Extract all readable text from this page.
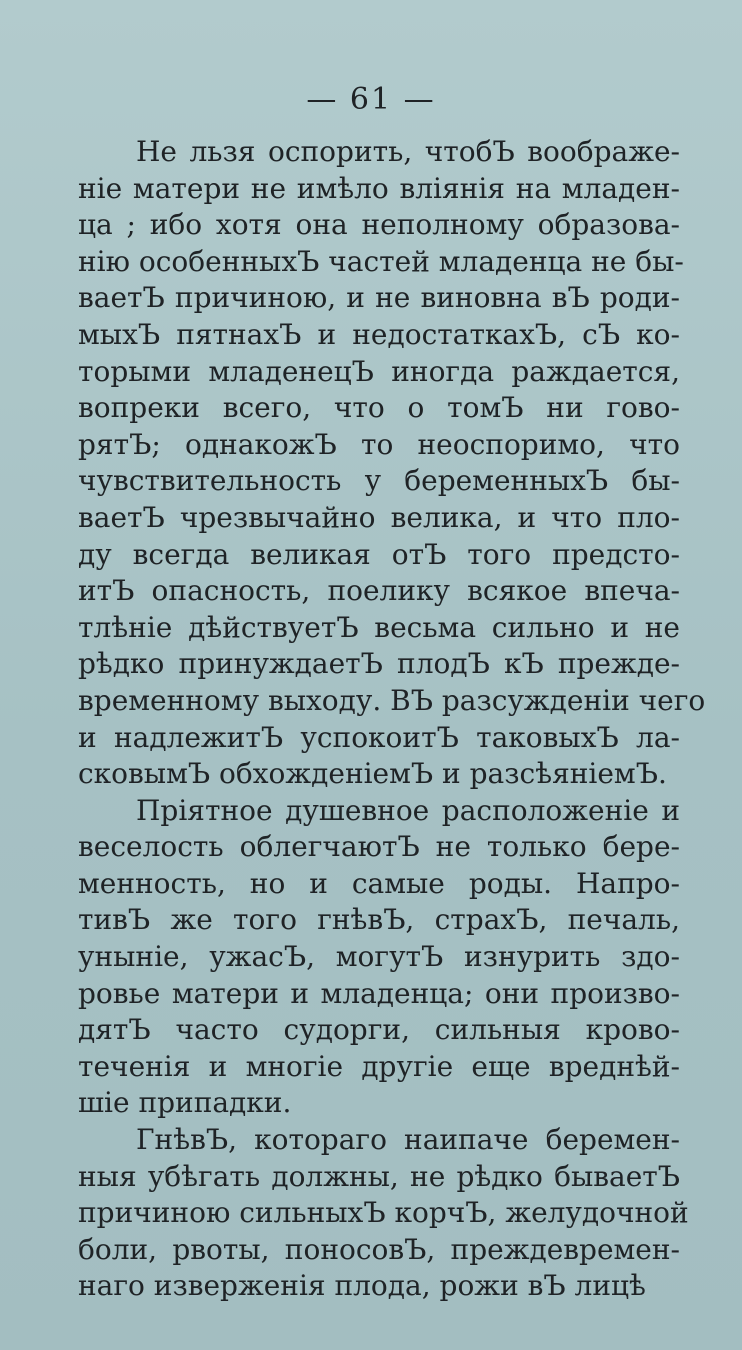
— 61 —
Не льзя оспорить, чтобЪ воображе-
нiе матери не имѣло влiянiя на младен-
ца ; ибо хотя она неполному образова-
нiю особенныхЪ частей младенца не бы-
ваетЪ причиною, и не виновна вЪ роди-
мыхЪ пятнахЪ и недостаткахЪ, сЪ ко-
торыми младенецЪ иногда раждается,
вопреки всего, что о томЪ ни гово-
рятЪ; однакожЪ то неоспоримо, что
чувствительность у беременныхЪ бы-
ваетЪ чрезвычайно велика, и что пло-
ду всегда великая отЪ того предсто-
итЪ опасность, поелику всякое впеча-
тлѣнiе дѣйствуетЪ весьма сильно и не
рѣдко принуждаетЪ плодЪ кЪ прежде-
временному выходу. ВЪ разсужденiи чего
и надлежитЪ успокоитЪ таковыхЪ ла-
сковымЪ обхожденiемЪ и разсѣянiемЪ.
Прiятное душевное расположенiе и
веселость облегчаютЪ не только бере-
менность, но и самые роды. Напро-
тивЪ же того гнѣвЪ, страхЪ, печаль,
унынiе, ужасЪ, могутЪ изнурить здо-
ровье матери и младенца; они произво-
дятЪ часто судорги, сильныя крово-
теченiя и многiе другiе еще вреднѣй-
шiе припадки.
ГнѣвЪ, котораго наипаче беремен-
ныя убѣгать должны, не рѣдко бываетЪ
причиною сильныхЪ корчЪ, желудочной
боли, рвоты, поносовЪ, преждевремен-
наго изверженiя плода, рожи вЪ лицѣ
